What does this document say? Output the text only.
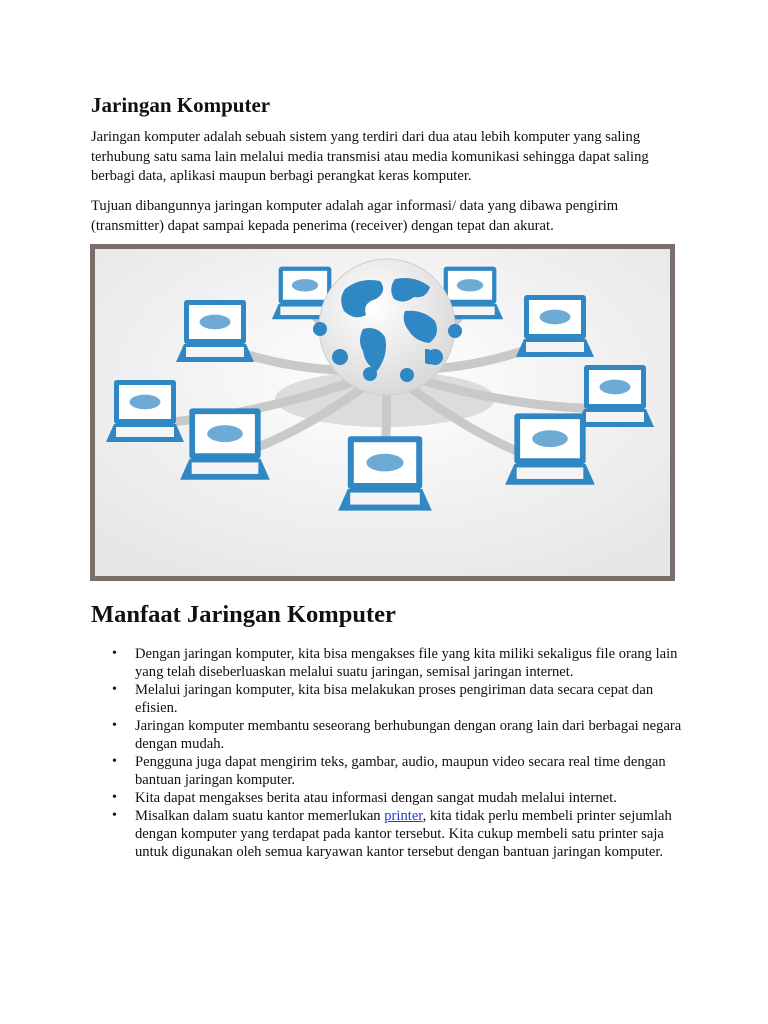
Jaringan Komputer

Jaringan komputer adalah sebuah sistem yang terdiri dari dua atau lebih komputer yang saling terhubung satu sama lain melalui media transmisi atau media komunikasi sehingga dapat saling berbagi data, aplikasi maupun berbagi perangkat keras komputer.

Tujuan dibangunnya jaringan komputer adalah agar informasi/ data yang dibawa pengirim (transmitter) dapat sampai kepada penerima (receiver) dengan tepat dan akurat.

Manfaat Jaringan Komputer
• Dengan jaringan komputer, kita bisa mengakses file yang kita miliki sekaligus file orang lain yang telah diseberluaskan melalui suatu jaringan, semisal jaringan internet.
• Melalui jaringan komputer, kita bisa melakukan proses pengiriman data secara cepat dan efisien.
• Jaringan komputer membantu seseorang berhubungan dengan orang lain dari berbagai negara dengan mudah.
• Pengguna juga dapat mengirim teks, gambar, audio, maupun video secara real time dengan bantuan jaringan komputer.
• Kita dapat mengakses berita atau informasi dengan sangat mudah melalui internet.
• Misalkan dalam suatu kantor memerlukan printer, kita tidak perlu membeli printer sejumlah dengan komputer yang terdapat pada kantor tersebut. Kita cukup membeli satu printer saja untuk digunakan oleh semua karyawan kantor tersebut dengan bantuan jaringan komputer.
